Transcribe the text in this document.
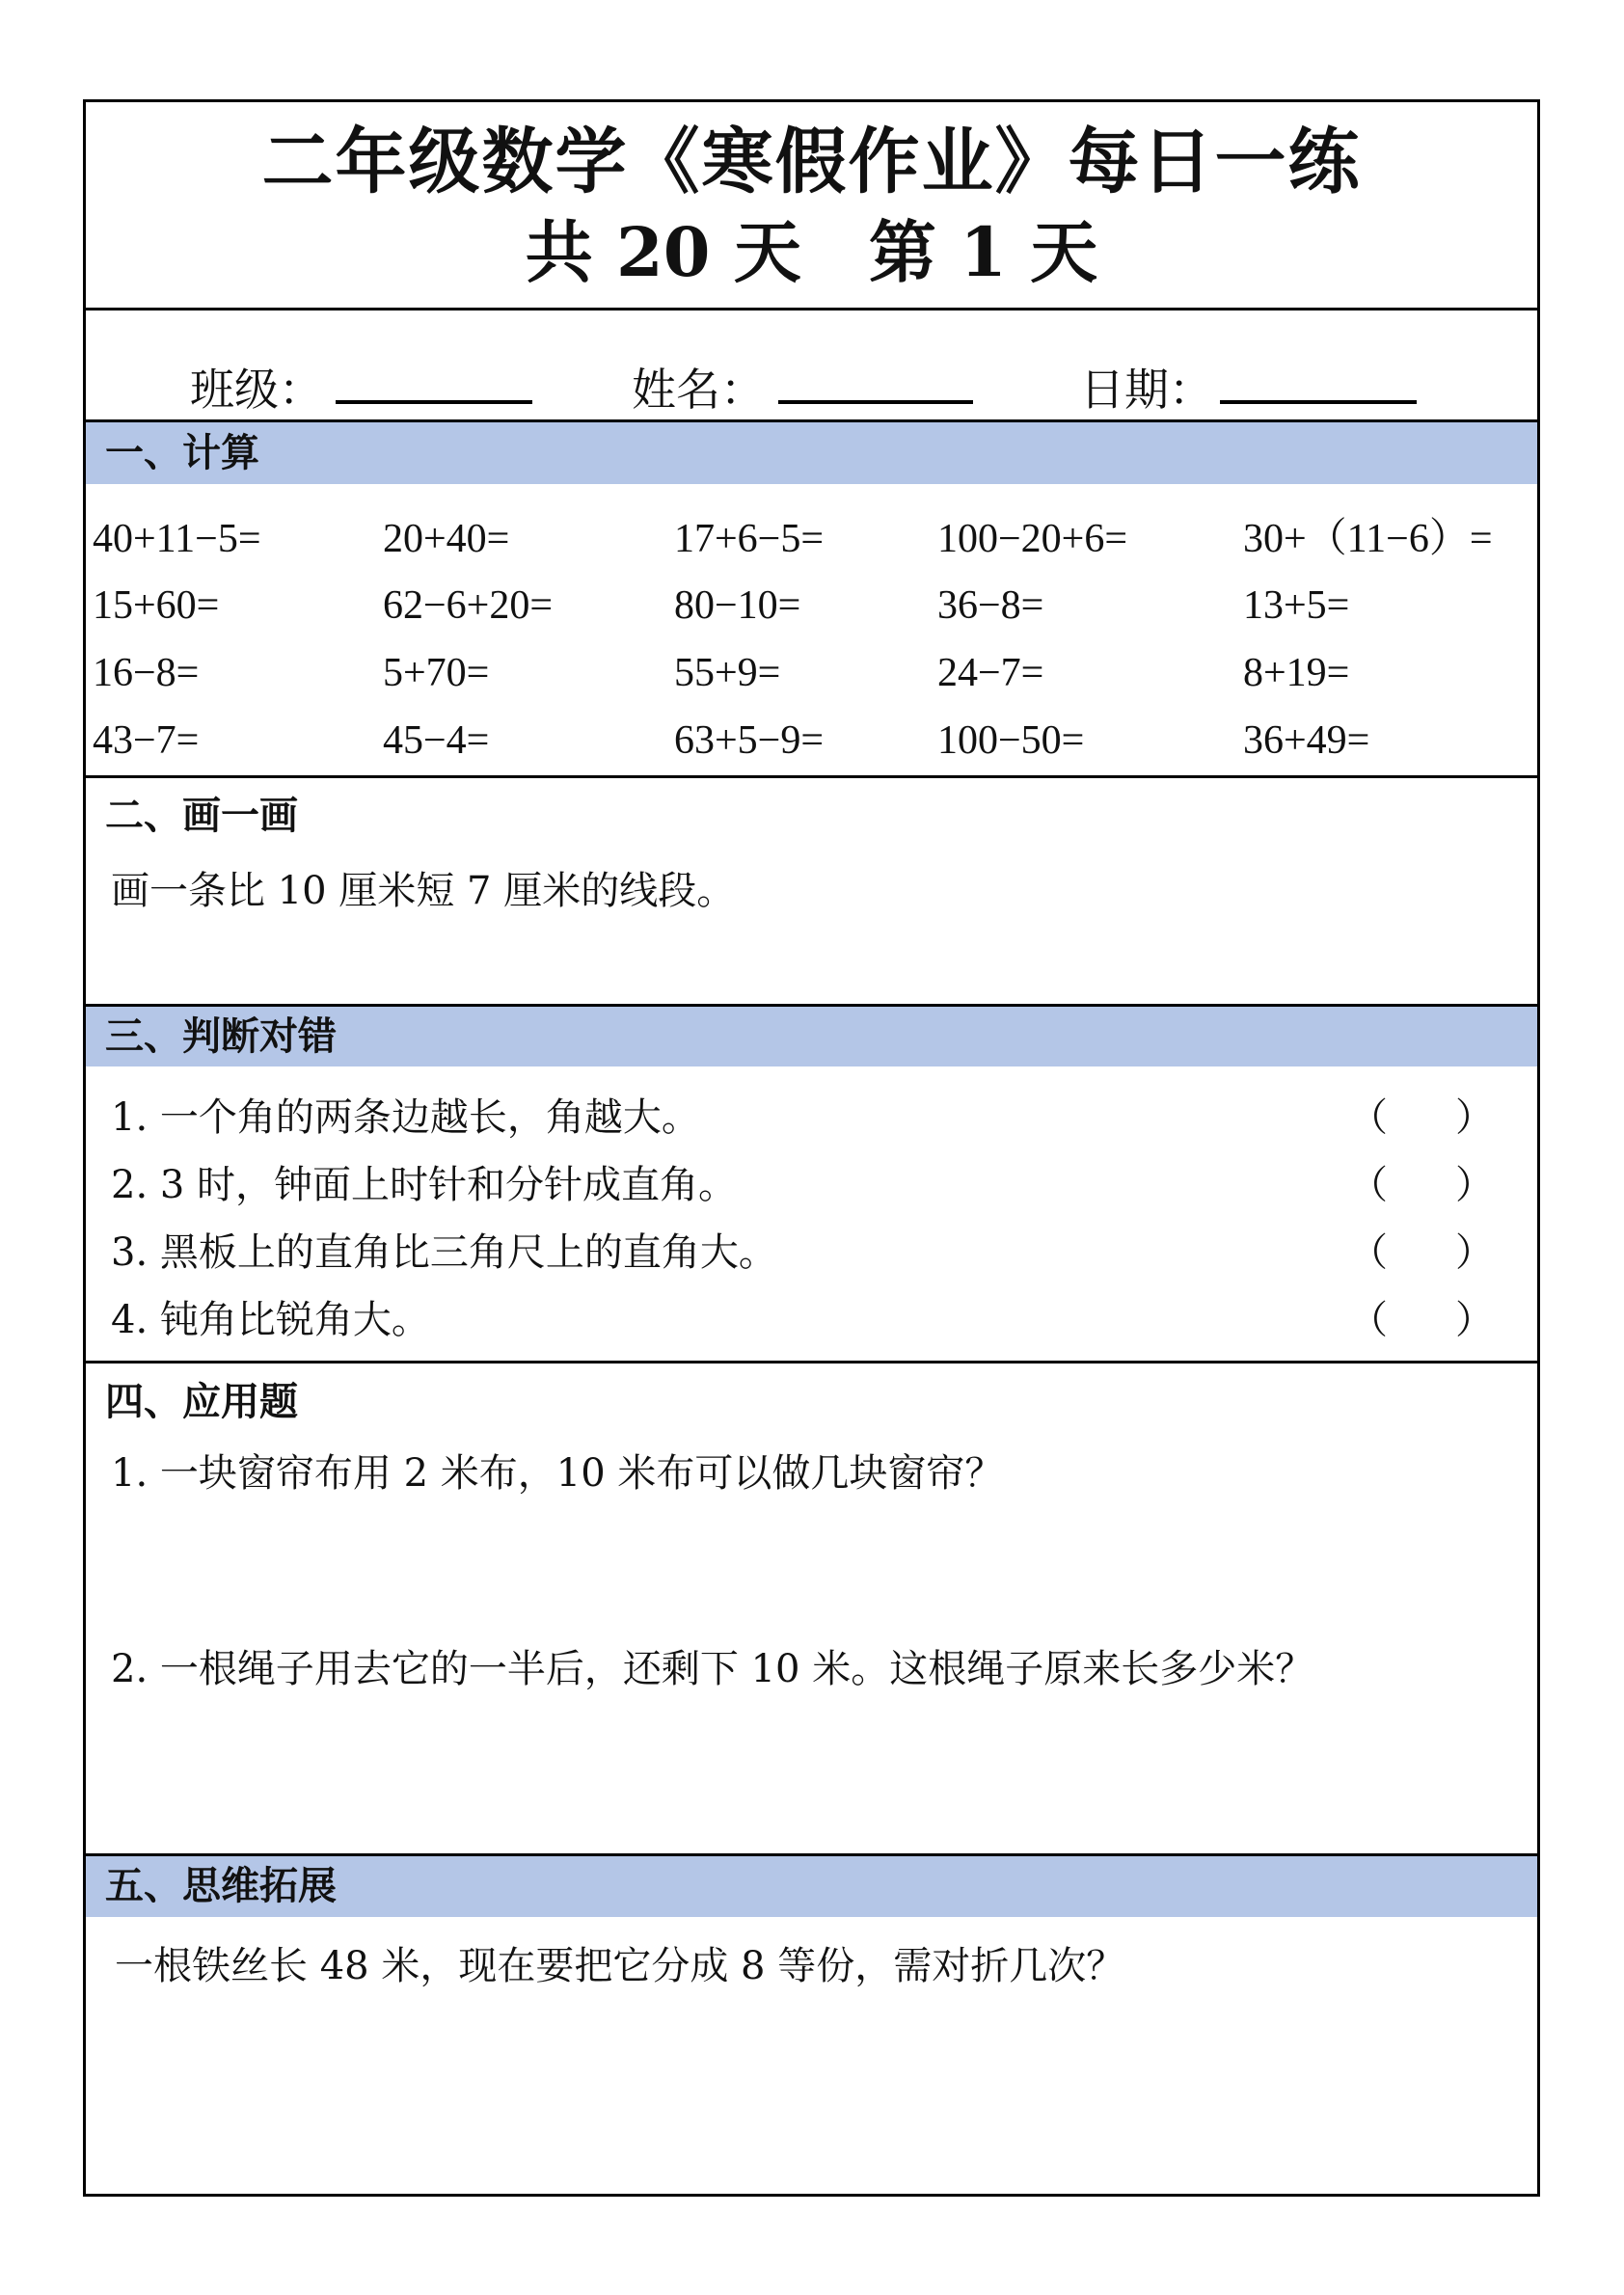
二年级数学《寒假作业》每日一练
共 20 天　第 1 天
班级：	姓名：	日期：
一、计算
40+11−5=	20+40=	17+6−5=	100−20+6=	30+（11−6）=
15+60=	62−6+20=	80−10=	36−8=	13+5=
16−8=	5+70=	55+9=	24−7=	8+19=
43−7=	45−4=	63+5−9=	100−50=	36+49=
二、画一画
画一条比 10 厘米短 7 厘米的线段。
三、判断对错
1. 一个角的两条边越长，角越大。	（ ）
2. 3 时，钟面上时针和分针成直角。	（ ）
3. 黑板上的直角比三角尺上的直角大。	（ ）
4. 钝角比锐角大。	（ ）
四、应用题
1. 一块窗帘布用 2 米布，10 米布可以做几块窗帘？
2. 一根绳子用去它的一半后，还剩下 10 米。这根绳子原来长多少米？
五、思维拓展
一根铁丝长 48 米，现在要把它分成 8 等份，需对折几次？
